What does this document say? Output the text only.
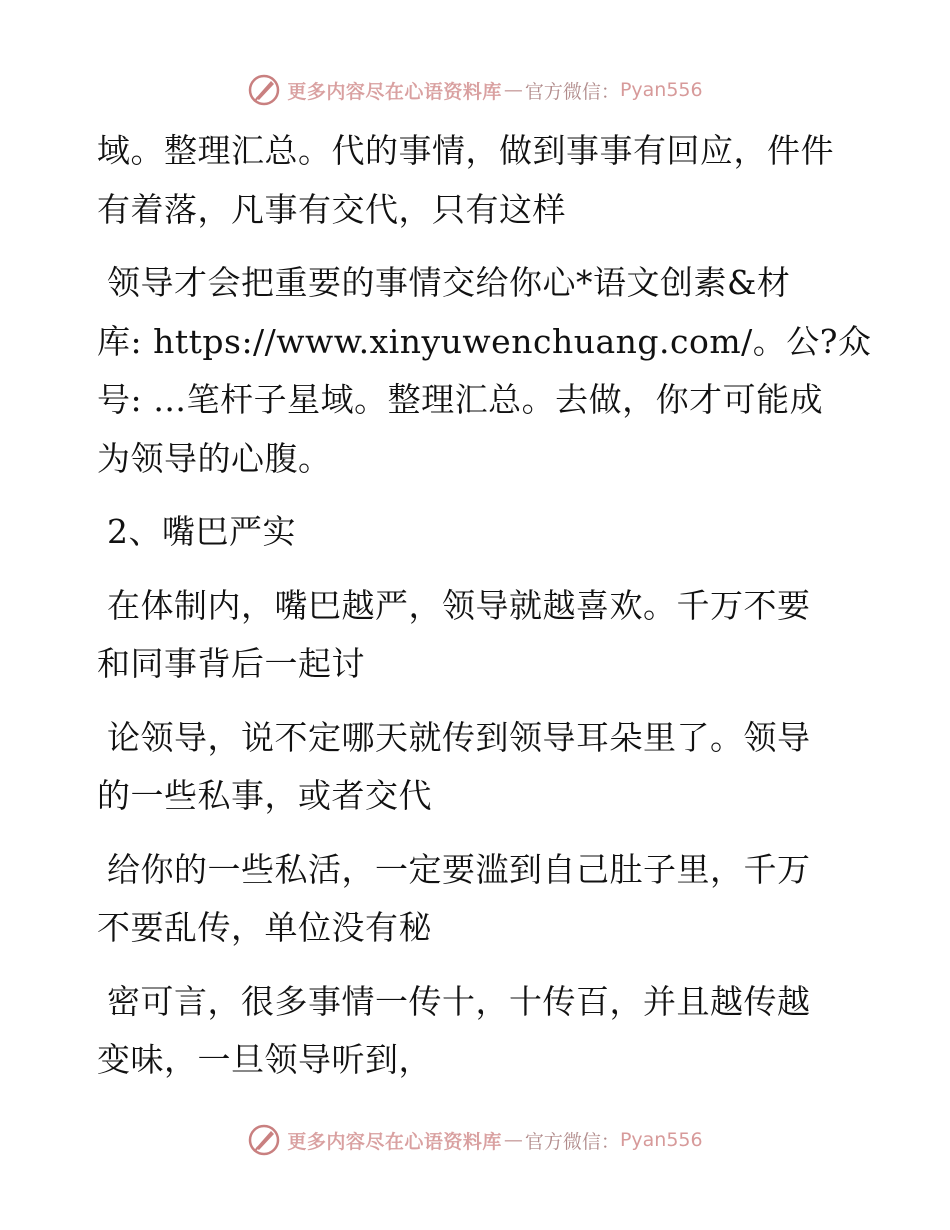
更多内容尽在心语资料库 — 官方微信： Pyan556
域。整理汇总。代的事情，做到事事有回应，件件
有着落，凡事有交代，只有这样
领导才会把重要的事情交给你心*语文创素&材
库: https://www.xinyuwenchuang.com/。公?众
号: …笔杆子星域。整理汇总。去做，你才可能成
为领导的心腹。
2、嘴巴严实
在体制内，嘴巴越严，领导就越喜欢。千万不要
和同事背后一起讨
论领导，说不定哪天就传到领导耳朵里了。领导
的一些私事，或者交代
给你的一些私活，一定要滥到自己肚子里，千万
不要乱传，单位没有秘
密可言，很多事情一传十，十传百，并且越传越
变味，一旦领导听到，
更多内容尽在心语资料库 — 官方微信： Pyan556
